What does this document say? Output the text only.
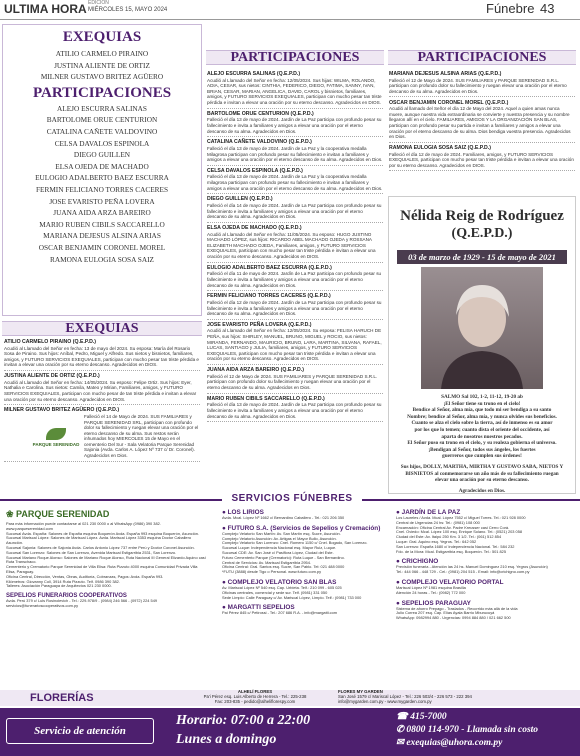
ULTIMA HORA EDICIÓN
MIÉRCOLES 15, MAYO 2024	Fúnebre 43
EXEQUIAS
ATILIO CARMELO PIRAINO
JUSTINA ALIENTE DE ORTIZ
MILNER GUSTAVO BRITEZ AGÜERO
PARTICIPACIONES
ALEJO ESCURRA SALINAS
BARTOLOME ORUE CENTURION
CATALINA CAÑETE VALDOVINO
CELSA DAVALOS ESPINOLA
DIEGO GUILLEN
ELSA OJEDA DE MACHADO
EULOGIO ADALBERTO BAEZ ESCURRA
FERMIN FELICIANO TORRES CACERES
JOSE EVARISTO PEÑA LOVERA
JUANA AIDA ARZA BAREIRO
MARIO RUBEN CIBILS SACCARELLO
MARIANA DEJESUS ALSINA ARIAS
OSCAR BENJAMIN CORONEL MOREL
RAMONA EULOGIA SOSA SAIZ
EXEQUIAS
ATILIO CARMELO PIRAINO (Q.E.P.D.)
Acudió al Llamado del Señor en fecha: 13 de mayo del 2024. Su esposa: María del Rosario Sosa de Piraino. Sus hijos: Aníbal, Pedro, Miguel y Alfredo. Sus nietos y bisnietos, familiares, amigos, y FUTURO SERVICIOS EXEQUIALES, participan con mucho pesar tan triste pérdida e invitan a elevar una oración por su eterno descanso. Agradecidos en DIOS.
JUSTINA ALIENTE DE ORTIZ (Q.E.P.D.)
Acudió al Llamado del Señor en fecha: 14/05/2024. Su esposo: Felipe Ortiz. Sus hijos: Eyer, Nathalia e Carolina. Sus nietos: Camila, Mateo y Mirian, Familiares, amigos, y FUTURO SERVICIOS EXEQUIALES, participan con mucho pesar de tan triste pérdida e invitan a elevar una oración por su eterno descanso. Agradecidos en DIOS.
MILNER GUSTAVO BRITEZ AGÜERO (Q.E.P.D.)
Falleció el 14 de Mayo de 2024. SUS FAMILIARES y PARQUE SERENIDAD SRL, participan con profundo dolor su fallecimiento y ruegan elevar una oración por el eterno descanso de su alma. Sus restos serán inhumados hoy MIERCOLES 15 de Mayo en el cementerio Del Sur - Sala Velatoria Parque Serenidad Sajonia (Avda. Carlos A. López Nº 737 c/ Dr. Coronel). Agradecidos en Dios.
PARQUE SERENIDAD
PARTICIPACIONES
ALEJO ESCURRA SALINAS (Q.E.P.D.)
Acudió al Llamado del Señor en fecha: 12/05/2024. Sus hijas: WILMA, ROLANDO, ADIA, CESAR, sus nietos: CINTHIA, FEDERICO, DIEGO, FATIMA, SANNY, IVAN, BRIAN, CESAR, MARIAN, ANGELICA, DAVID, CAROL y bisnietos, familiares, amigos, y FUTURO SERVICIOS EXEQUIALES, participan con mucho pesar tan triste pérdida e invitan a elevar una oración por su eterno descanso. Agradecidos en DIOS.
BARTOLOME ORUE CENTURION (Q.E.P.D.)
Falleció el día 13 de mayo de 2024. Jardín de La Paz participa con profundo pesar su fallecimiento e invita a familiares y amigos a elevar una oración por el eterno descanso de su alma. Agradecidos en Dios.
CATALINA CAÑETE VALDOVINO (Q.E.P.D.)
Falleció el día 13 de mayo de 2024. Jardín de La Paz y la cooperativa medalla Milagrosa participan con profundo pesar su fallecimiento e invitan a familiares y amigos a elevar una oración por el eterno descanso de su alma. Agradecidos en Dios.
CELSA DAVALOS ESPINOLA (Q.E.P.D.)
Falleció el día 13 de mayo de 2024. Jardín de La Paz y la cooperativa medalla milagrosa participan con profundo pesar su fallecimiento e invitan a familiares y amigos a elevar una oración por el eterno descanso de su alma. Agradecidos en Dios.
DIEGO GUILLEN (Q.E.P.D.)
Falleció el día 14 de mayo de 2024. Jardín de La Paz participa con profundo pesar su fallecimiento e invita a familiares y amigos a elevar una oración por el eterno descanso de su alma. Agradecidos en Dios.
ELSA OJEDA DE MACHADO (Q.E.P.D.)
Acudió al Llamado del Señor en fecha: 11/05/2024. Su esposo: HUGO JUSTINO MACHADO LÓPEZ, sus hijos: RICARDO ABEL MACHADO OJEDA y ROSSANA ELIZABETH MACHADO OJEDA, Familiares, amigos, y FUTURO SERVICIOS EXEQUIALES, participan con mucho pesar tan triste pérdida e invitan a elevar una oración por su eterno descanso. Agradecidos en DIOS.
EULOGIO ADALBERTO BAEZ ESCURRA (Q.E.P.D.)
Falleció el día 11 de mayo de 2024. Jardín de La Paz participa con profundo pesar su fallecimiento e invita a familiares y amigos a elevar una oración por el eterno descanso de su alma. Agradecidos en Dios.
FERMIN FELICIANO TORRES CACERES (Q.E.P.D.)
Falleció el día 12 de mayo de 2024. Jardín de La Paz participa con profundo pesar su fallecimiento e invita a familiares y amigos a elevar una oración por el eterno descanso de su alma. Agradecidos en Dios.
JOSE EVARISTO PEÑA LOVERA (Q.E.P.D.)
Acudió al Llamado del Señor en fecha: 12/05/2024. Su esposa: FELISA HARUCH DE PEÑA, sus hijos: SHIRLEY, MANUEL, BRUNO, MIGUEL y ROCIO, sus nietos: MIRANDA, FERNANDO, MAURICIO, BRUNO, LARA, MARTINA, SILVANA, RAFAEL, LUCAS, SANTIAGO y JULIA, familiares, amigos, y FUTURO SERVICIOS EXEQUIALES, participan con mucho pesar tan triste pérdida e invitan a elevar una oración por su eterno descanso. Agradecidos en DIOS.
JUANA AIDA ARZA BAREIRO (Q.E.P.D.)
Falleció el 12 de Mayo de 2024. SUS FAMILIARES y PARQUE SERENIDAD S.R.L. participan con profundo dolor su fallecimiento y ruegan elevar una oración por el eterno descanso de su alma. Agradecidos en Dios.
MARIO RUBEN CIBILS SACCARELLO (Q.E.P.D.)
Falleció el día 13 de mayo de 2024. Jardín de La Paz participa con profundo pesar su fallecimiento e invita a familiares y amigos a elevar una oración por el eterno descanso de su alma. Agradecidos en Dios.
PARTICIPACIONES
MARIANA DEJESUS ALSINA ARIAS (Q.E.P.D.)
Falleció el 12 de Mayo de 2024. SUS FAMILIARES y PARQUE SERENIDAD S.R.L. participan con profundo dolor su fallecimiento y ruegan elevar una oración por el eterno descanso de su alma. Agradecidos en Dios.
OSCAR BENJAMIN CORONEL MOREL (Q.E.P.D.)
Acudió al llamado del Señor el día 12 de Mayo del 2024. Aquel a quien amas nunca muere, aunque nuestra vida extraordinaria se convierte y nuestra presencia y su nombre llegaron allí en el cielo. FAMILIARES, AMIGOS Y LA ORGANIZACIÓN SAN BLAS, participan con profundo pesar su partida e invitan a familiares y amigos a elevar una oración por el eterno descanso de su alma. Dios bendiga vuestra presencia. Agradecidos en Dios.
RAMONA EULOGIA SOSA SAIZ (Q.E.P.D.)
Falleció el día 12 de mayo de 2024. Familiares, amigos, y FUTURO SERVICIOS EXEQUIALES, participan con mucho pesar tan triste pérdida e invitan a elevar una oración por su eterno descanso. Agradecidos en DIOS.
Nélida Reig de Rodríguez
(Q.E.P.D.)
03 de marzo de 1929 - 15 de mayo de 2021
SALMO Sal 102, 1-2, 11-12, 19-20 ab
¡El Señor tiene su trono en el cielo!
Bendice al Señor, alma mía, que todo mi ser bendiga a su santo
Nombre; bendice al Señor, alma mía, y nunca olvides sus beneficios.
Cuanto se alza el cielo sobre la tierra, así de inmenso es su amor
por los que lo temen; cuanto dista el oriente del occidente, así
aparta de nosotros nuestros pecados.
El Señor puso su trono en el cielo, y su realeza gobierna el universo.
¡Bendigan al Señor, todos sus ángeles, los fuertes
guerreros que cumplen sus órdenes!
Sus hijos, DOLLY, MARTHA, MIRTHA Y GUSTAVO SABA, NIETOS Y
BISNIETOS al conmemorarse un año más de su fallecimiento ruegan
elevar una oración por su eterno descanso.
Agradecidos en Dios.
SERVICIOS FÚNEBRES
❀ PARQUE SERENIDAD
Para más información puede contactarse al 021 230 0000 o al WhatsApp (0986) 390 382.
www.parqueserenidad.com
Sucursal Avda. España: Salones de España esquina Boquerón Avda. España 993 esquina Boquerón, Asunción.
Sucursal Mariscal López: Salones de Mariscal López. Avda. Mariscal López 3353 esquina Doctor Caballero Asunción.
Sucursal Sajonia: Salones de Sajonia Avda. Carlos Antonio López 737 entre Perú y Doctor Coronel Asunción.
Sucursal San Lorenzo: Salones de San Lorenzo, Avenida Mariscal Estigarribia 2531, San Lorenzo.
Sucursal Mariano Roque Alonso: Salones de Mariano Roque Alonso, Ruta Nacional III General Elizardo Aquino casi Ruta Transchaco.
Cementerio y Crematorio Parque Serenidad de Villa Elisa: Ruta Pizzuto 4000 esquina Comunidad Privada Villa Elisa, Paraguay.
Oficina Central, Dirección, Ventas, Obras, Auditoría, Cobranzas, Pagos: Avda. España 993.
Kilómetros: Giovanny Coll, 3914 Ruta Pizzuto. Telf. 0986 390 382.
Talleres: Asociación Paraguaya de Arquitectos 021 230 0000.
SEPELIOS FUNERARIOS COOPERATIVOS
Avda. Perú 379 c/ Luis Rosinolevich - Tel.: 229-978/9 - (0984) 246 566 - (0972) 224 549
servicios@funerarioscooperativos.com.py
● LOS LIRIOS
Avda. Mcal. López Nº 1662 c/ Bernardino Caballero - Tel.: 021 206 350
● FUTURO S.A. (Servicios de Sepelios y Cremación)
Complejo Velatorio San Martín: Av. San Martín esq. Sucre, Asunción.
Complejo Velatorio Asunción: Av. Artigas e/ Mayor Bullo, Asunción.
Complejo Velatorio San Lorenzo: Cnel. Romero 1150 c/ Cnel. Bogado, San Lorenzo.
Sucursal Luque: Independencia Nacional esq. Mayor Ruiz, Luque.
Sucursal CDE: Av. San José c/ Pasiflora López, Ciudad del Este.
Futuro Cementerio Parque (Crematorio): Ruta Luque - San Bernardino.
Central de Servicios: Av. Mariscal Estigarribia 2954.
Oficina Central: Gral. Santos esq. Sucre, San Pablo. Tel: 021 488 0000
*FUTU (3888) desde Tigo o Personal. www.futuro.com.py
● COMPLEJO VELATORIO SAN BLAS
Av. Mariscal López Nº 540 esq. Cap. Urbieta. Telf.: 210 099 - 605 025
Oficinas centrales, comercial y sede sur. Telf. (0981) 331 050
Sede Limpio: Calle Paraguay c/ Av. Mariscal López, Limpio. Telf.: (0981) 733 000
● MARGATTI SEPELIOS
Pai Pérez 845 c/ Petirossi - Tel.: 207 686 R.A. - info@margatti.com
● JARDÍN DE LA PAZ
Los Laureles / Avda. Mcal. López 7552 c/ Miguel Torres. Tel.: 021 928 0000
Central de Urgencias 24 hs: Tel.: (0981) 108 000
Encarnación: Oficina Central Av. Padre Kreusser casi Cerro Corá.
Cnel. Oviedo: Mcal. López 100 esq. Enrique Solano. Tel.: (0521) 203 058
Ciudad del Este: Av. Itaipú 250 Km. 3 1/2. Tel.: (061) 512 854
Luque: Gral. Aquino esq. Yegros. Tel.: 642 052
San Lorenzo: España 1680 c/ Independencia Nacional. Tel.: 584 232
Fdo. de la Mora: Mcal. Estigarribia esq. Boquerón. Tel.: 501 825
● CRICHIGNO
Previsión funeraria - Atención las 24 hs. Manuel Dominguez 210 esq. Yegros (Asunción)
Tel.: 444 066 - 448 729 - Cel.: (0981) 204 515 - Email: info@crichigno.com.py
● COMPLEJO VELATORIO PORTAL
Mariscal López Nº 1981 esquina Brasilia
Atención 24 horas - Tel.: (0982) 772 000
● SEPELIOS PARAGUAY
Sistema de ahorro Prepago - Traslados - Recorrido más allá de la vida
Julio Correa 207 esq. Cap. Elías Ayala Barrio Mburucuyá
WhatsApp: 0982994 880 - Urgencias: 0994 884 880 / 021 662 500
FLORERÍAS
ALHELÍ FLORES
Pa'i Pérez esq. Luis Alberto de Herrera - Tel.: 225-238
Fax: 203-835 - pedido@alheliflorespy.com
FLORES MY GARDEN
San José 1579 c/ Mariscal López - Tel.: 226 503/4 - 226 573 - 222 394
info@mygarden.com.py - www.mygarden.com.py
Servicio de atención
Horario: 07:00 a 22:00
Lunes a domingo
☎ 415-7000
✆ 0800 114-970 - Llamada sin costo
✉ exequias@uhora.com.py
